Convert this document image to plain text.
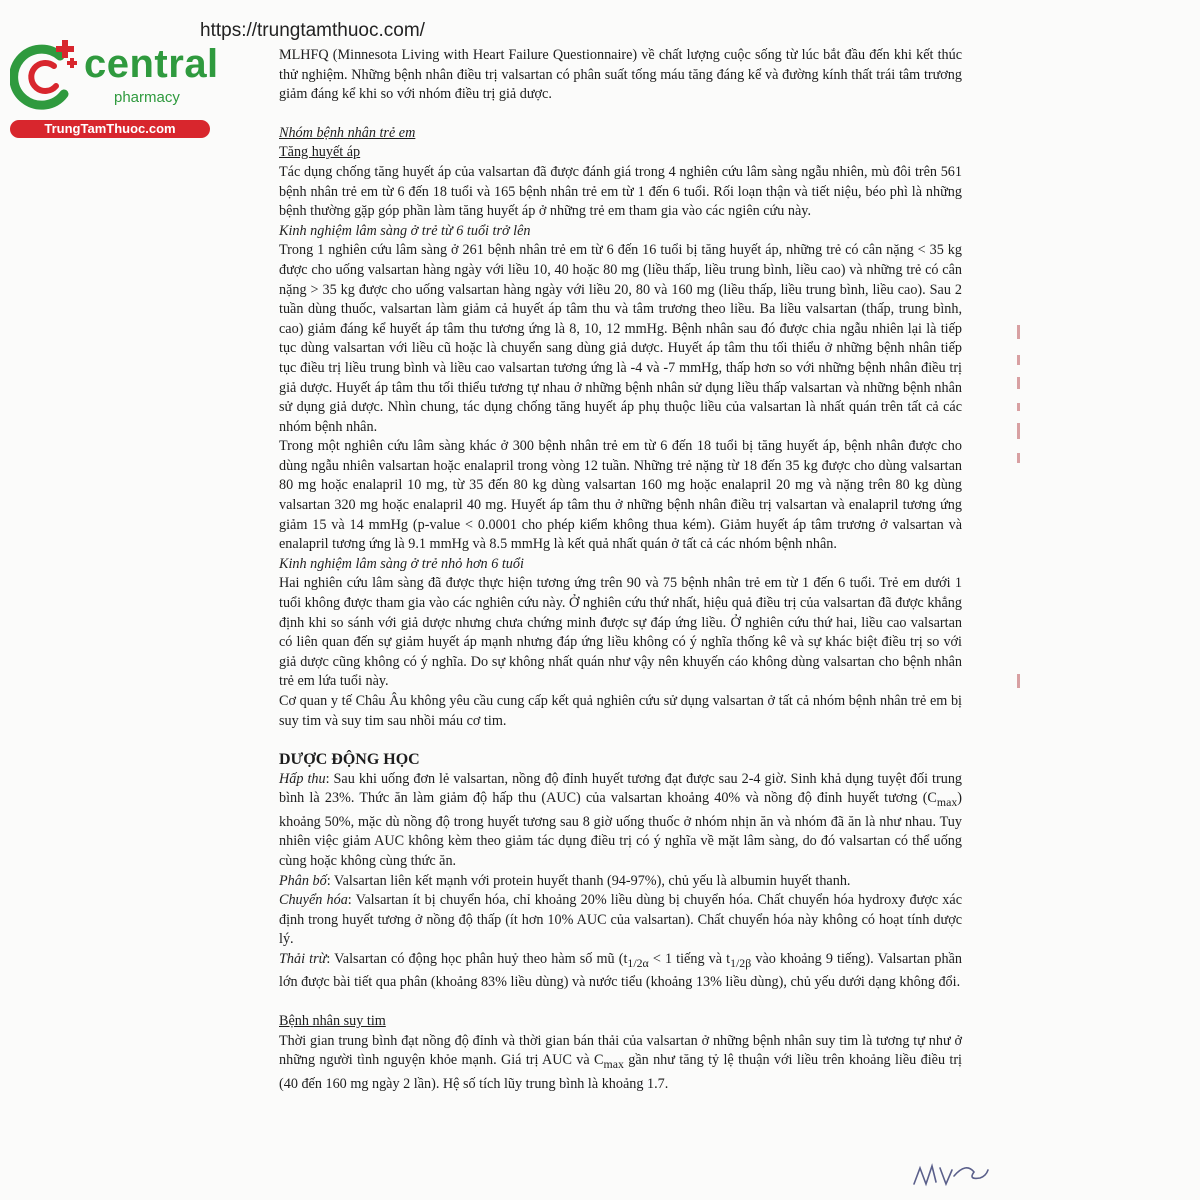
https://trungtamthuoc.com/
central
pharmacy
TrungTamThuoc.com

MLHFQ (Minnesota Living with Heart Failure Questionnaire) về chất lượng cuộc sống từ lúc bắt đầu đến khi kết thúc thử nghiệm. Những bệnh nhân điều trị valsartan có phân suất tống máu tăng đáng kể và đường kính thất trái tâm trương giảm đáng kể khi so với nhóm điều trị giả dược.

Nhóm bệnh nhân trẻ em

Tăng huyết áp

Tác dụng chống tăng huyết áp của valsartan đã được đánh giá trong 4 nghiên cứu lâm sàng ngẫu nhiên, mù đôi trên 561 bệnh nhân trẻ em từ 6 đến 18 tuổi và 165 bệnh nhân trẻ em từ 1 đến 6 tuổi. Rối loạn thận và tiết niệu, béo phì là những bệnh thường gặp góp phần làm tăng huyết áp ở những trẻ em tham gia vào các ngiên cứu này.

Kinh nghiệm lâm sàng ở trẻ từ 6 tuổi trở lên

Trong 1 nghiên cứu lâm sàng ở 261 bệnh nhân trẻ em từ 6 đến 16 tuổi bị tăng huyết áp, những trẻ có cân nặng < 35 kg được cho uống valsartan hàng ngày với liều 10, 40 hoặc 80 mg (liều thấp, liều trung bình, liều cao) và những trẻ có cân nặng > 35 kg được cho uống valsartan hàng ngày với liều 20, 80 và 160 mg (liều thấp, liều trung bình, liều cao). Sau 2 tuần dùng thuốc, valsartan làm giảm cả huyết áp tâm thu và tâm trương theo liều. Ba liều valsartan (thấp, trung bình, cao) giảm đáng kể huyết áp tâm thu tương ứng là 8, 10, 12 mmHg. Bệnh nhân sau đó được chia ngẫu nhiên lại là tiếp tục dùng valsartan với liều cũ hoặc là chuyển sang dùng giả dược. Huyết áp tâm thu tối thiểu ở những bệnh nhân tiếp tục điều trị liều trung bình và liều cao valsartan tương ứng là -4 và -7 mmHg, thấp hơn so với những bệnh nhân điều trị giả dược. Huyết áp tâm thu tối thiểu tương tự nhau ở những bệnh nhân sử dụng liều thấp valsartan và những bệnh nhân sử dụng giả dược. Nhìn chung, tác dụng chống tăng huyết áp phụ thuộc liều của valsartan là nhất quán trên tất cả các nhóm bệnh nhân.

Trong một nghiên cứu lâm sàng khác ở 300 bệnh nhân trẻ em từ 6 đến 18 tuổi bị tăng huyết áp, bệnh nhân được cho dùng ngẫu nhiên valsartan hoặc enalapril trong vòng 12 tuần. Những trẻ nặng từ 18 đến 35 kg được cho dùng valsartan 80 mg hoặc enalapril 10 mg, từ 35 đến 80 kg dùng valsartan 160 mg hoặc enalapril 20 mg và nặng trên 80 kg dùng valsartan 320 mg hoặc enalapril 40 mg. Huyết áp tâm thu ở những bệnh nhân điều trị valsartan và enalapril tương ứng giảm 15 và 14 mmHg (p-value < 0.0001 cho phép kiểm không thua kém). Giảm huyết áp tâm trương ở valsartan và enalapril tương ứng là 9.1 mmHg và 8.5 mmHg là kết quả nhất quán ở tất cả các nhóm bệnh nhân.

Kinh nghiệm lâm sàng ở trẻ nhỏ hơn 6 tuổi

Hai nghiên cứu lâm sàng đã được thực hiện tương ứng trên 90 và 75 bệnh nhân trẻ em từ 1 đến 6 tuổi. Trẻ em dưới 1 tuổi không được tham gia vào các nghiên cứu này. Ở nghiên cứu thứ nhất, hiệu quả điều trị của valsartan đã được khẳng định khi so sánh với giả dược nhưng chưa chứng minh được sự đáp ứng liều. Ở nghiên cứu thứ hai, liều cao valsartan có liên quan đến sự giảm huyết áp mạnh nhưng đáp ứng liều không có ý nghĩa thống kê và sự khác biệt điều trị so với giả dược cũng không có ý nghĩa. Do sự không nhất quán như vậy nên khuyến cáo không dùng valsartan cho bệnh nhân trẻ em lứa tuổi này.

Cơ quan y tế Châu Âu không yêu cầu cung cấp kết quả nghiên cứu sử dụng valsartan ở tất cả nhóm bệnh nhân trẻ em bị suy tim và suy tim sau nhồi máu cơ tim.

DƯỢC ĐỘNG HỌC

Hấp thu: Sau khi uống đơn lẻ valsartan, nồng độ đỉnh huyết tương đạt được sau 2-4 giờ. Sinh khả dụng tuyệt đối trung bình là 23%. Thức ăn làm giảm độ hấp thu (AUC) của valsartan khoảng 40% và nồng độ đỉnh huyết tương $(C_{max})$ khoảng 50%, mặc dù nồng độ trong huyết tương sau 8 giờ uống thuốc ở nhóm nhịn ăn và nhóm đã ăn là như nhau. Tuy nhiên việc giảm AUC không kèm theo giảm tác dụng điều trị có ý nghĩa về mặt lâm sàng, do đó valsartan có thể uống cùng hoặc không cùng thức ăn.

Phân bố: Valsartan liên kết mạnh với protein huyết thanh (94-97%), chủ yếu là albumin huyết thanh.

Chuyển hóa: Valsartan ít bị chuyển hóa, chỉ khoảng 20% liều dùng bị chuyển hóa. Chất chuyển hóa hydroxy được xác định trong huyết tương ở nồng độ thấp (ít hơn 10% AUC của valsartan). Chất chuyển hóa này không có hoạt tính dược lý.

Thải trừ: Valsartan có động học phân huỷ theo hàm số mũ ($t_{1/2\alpha} < 1$ tiếng và $t_{1/2\beta}$ vào khoảng 9 tiếng). Valsartan phần lớn được bài tiết qua phân (khoảng 83% liều dùng) và nước tiểu (khoảng 13% liều dùng), chủ yếu dưới dạng không đổi.

Bệnh nhân suy tim

Thời gian trung bình đạt nồng độ đỉnh và thời gian bán thải của valsartan ở những bệnh nhân suy tim là tương tự như ở những người tình nguyện khỏe mạnh. Giá trị AUC và $C_{max}$ gần như tăng tỷ lệ thuận với liều trên khoảng liều điều trị (40 đến 160 mg ngày 2 lần). Hệ số tích lũy trung bình là khoảng 1.7.
